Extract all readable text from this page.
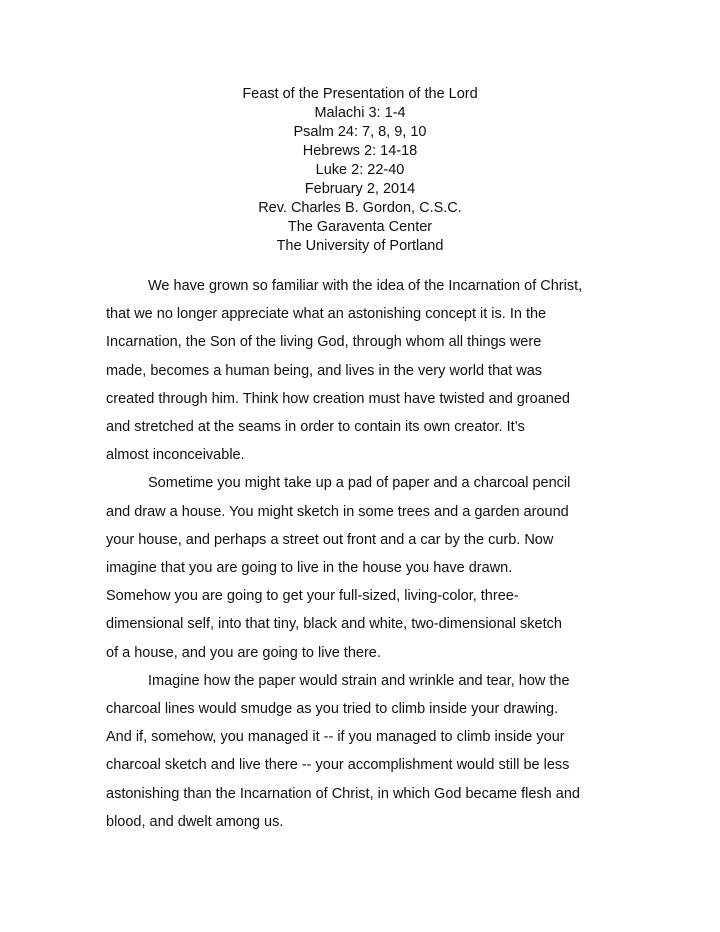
Feast of the Presentation of the Lord
Malachi 3: 1-4
Psalm 24: 7, 8, 9, 10
Hebrews 2: 14-18
Luke 2: 22-40
February 2, 2014
Rev. Charles B. Gordon, C.S.C.
The Garaventa Center
The University of Portland

We have grown so familiar with the idea of the Incarnation of Christ,
that we no longer appreciate what an astonishing concept it is. In the
Incarnation, the Son of the living God, through whom all things were
made, becomes a human being, and lives in the very world that was
created through him. Think how creation must have twisted and groaned
and stretched at the seams in order to contain its own creator. It’s
almost inconceivable.

Sometime you might take up a pad of paper and a charcoal pencil
and draw a house. You might sketch in some trees and a garden around
your house, and perhaps a street out front and a car by the curb. Now
imagine that you are going to live in the house you have drawn.
Somehow you are going to get your full-sized, living-color, three-
dimensional self, into that tiny, black and white, two-dimensional sketch
of a house, and you are going to live there.

Imagine how the paper would strain and wrinkle and tear, how the
charcoal lines would smudge as you tried to climb inside your drawing.
And if, somehow, you managed it -- if you managed to climb inside your
charcoal sketch and live there -- your accomplishment would still be less
astonishing than the Incarnation of Christ, in which God became flesh and
blood, and dwelt among us.
